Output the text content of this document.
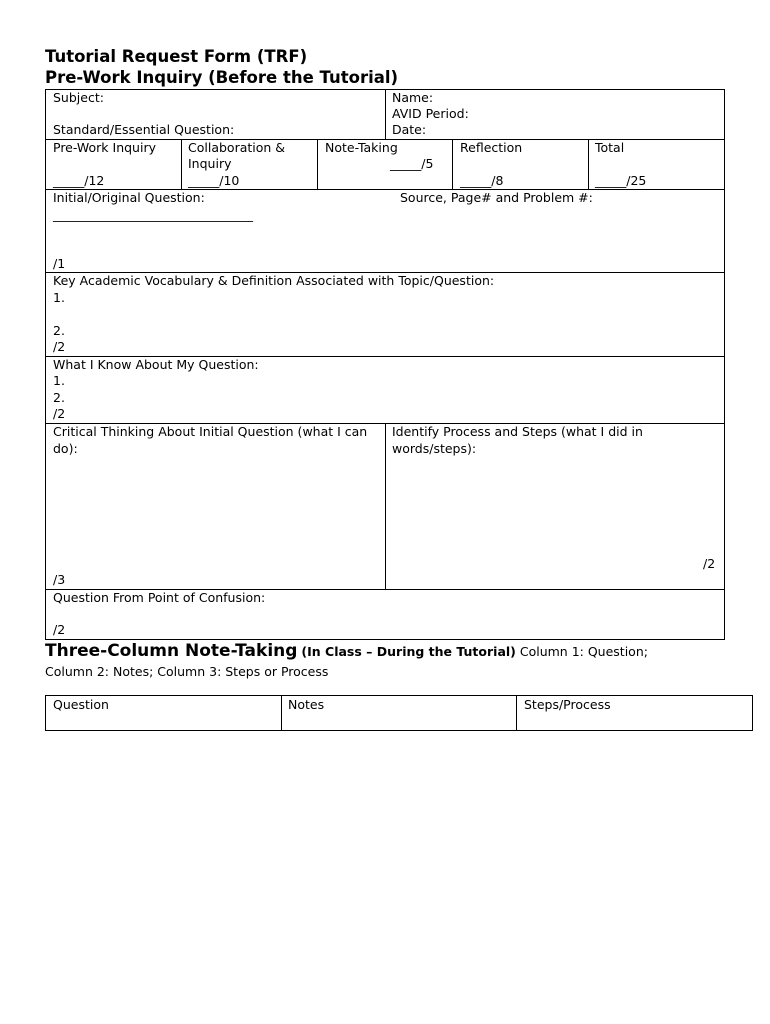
Tutorial Request Form (TRF)
Pre-Work Inquiry (Before the Tutorial)
Subject:
Standard/Essential Question:
Name:
AVID Period:
Date:
Pre-Work Inquiry
_____/12
Collaboration &
Inquiry
_____/10
Note-Taking
_____/5
Reflection
_____/8
Total
_____/25
Initial/Original Question:
________________________________
Source, Page# and Problem #:
/1
Key Academic Vocabulary & Definition Associated with Topic/Question:
1.
2.
/2
What I Know About My Question:
1.
2.
/2
Critical Thinking About Initial Question (what I can do):
/3
Identify Process and Steps (what I did in words/steps):
/2
Question From Point of Confusion:
/2
Three-Column Note-Taking (In Class – During the Tutorial) Column 1: Question;
Column 2: Notes; Column 3: Steps or Process
Question	Notes	Steps/Process
